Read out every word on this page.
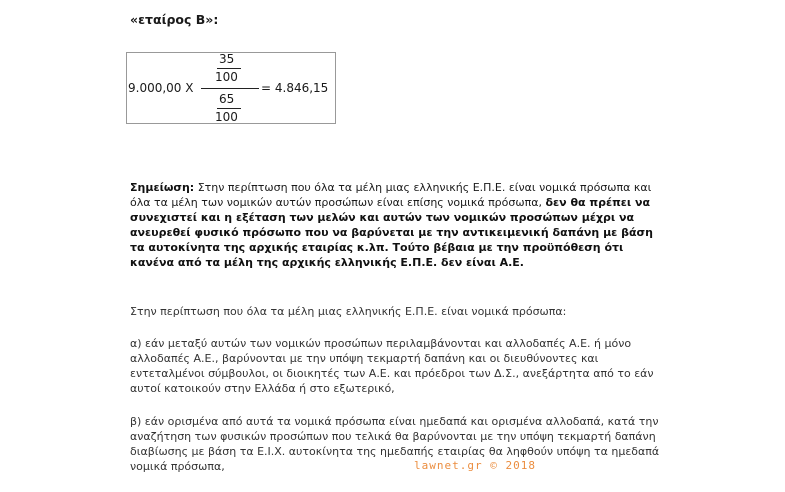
«εταίρος Β»:
9.000,00 X
35
100
65
100
= 4.846,15
Σημείωση: Στην περίπτωση που όλα τα μέλη μιας ελληνικής Ε.Π.Ε. είναι νομικά πρόσωπα και όλα τα μέλη των νομικών αυτών προσώπων είναι επίσης νομικά πρόσωπα, δεν θα πρέπει να συνεχιστεί και η εξέταση των μελών και αυτών των νομικών προσώπων μέχρι να ανευρεθεί φυσικό πρόσωπο που να βαρύνεται με την αντικειμενική δαπάνη με βάση τα αυτοκίνητα της αρχικής εταιρίας κ.λπ. Τούτο βέβαια με την προϋπόθεση ότι κανένα από τα μέλη της αρχικής ελληνικής Ε.Π.Ε. δεν είναι Α.Ε.
Στην περίπτωση που όλα τα μέλη μιας ελληνικής Ε.Π.Ε. είναι νομικά πρόσωπα:
α) εάν μεταξύ αυτών των νομικών προσώπων περιλαμβάνονται και αλλοδαπές Α.Ε. ή μόνο αλλοδαπές Α.Ε., βαρύνονται με την υπόψη τεκμαρτή δαπάνη και οι διευθύνοντες και εντεταλμένοι σύμβουλοι, οι διοικητές των Α.Ε. και πρόεδροι των Δ.Σ., ανεξάρτητα από το εάν αυτοί κατοικούν στην Ελλάδα ή στο εξωτερικό,
β) εάν ορισμένα από αυτά τα νομικά πρόσωπα είναι ημεδαπά και ορισμένα αλλοδαπά, κατά την αναζήτηση των φυσικών προσώπων που τελικά θα βαρύνονται με την υπόψη τεκμαρτή δαπάνη διαβίωσης με βάση τα Ε.Ι.Χ. αυτοκίνητα της ημεδαπής εταιρίας θα ληφθούν υπόψη τα ημεδαπά νομικά πρόσωπα,	lawnet.gr © 2018
